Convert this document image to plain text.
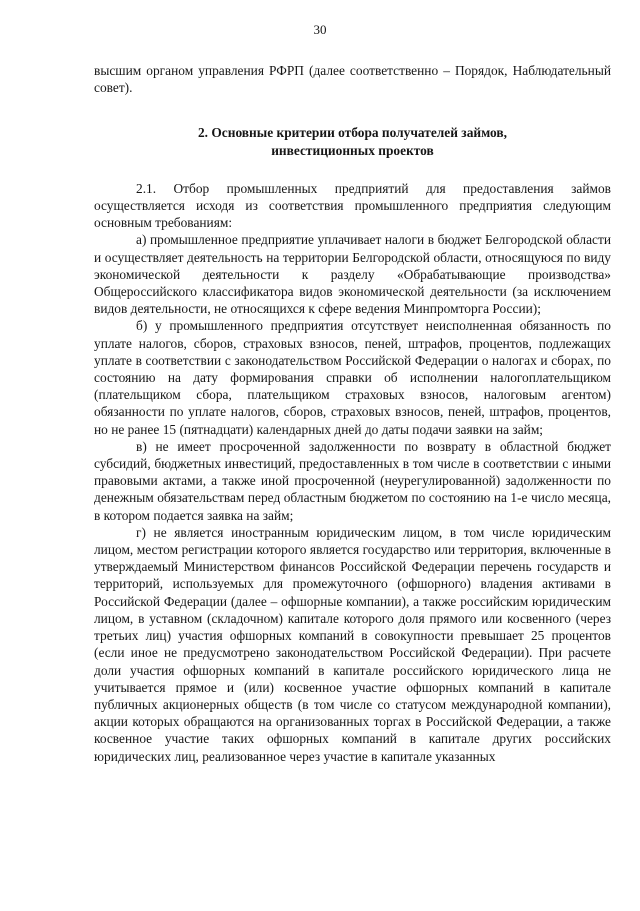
30

высшим органом управления РФРП (далее соответственно – Порядок, Наблюдательный совет).

2. Основные критерии отбора получателей займов,
инвестиционных проектов

2.1. Отбор промышленных предприятий для предоставления займов осуществляется исходя из соответствия промышленного предприятия следующим основным требованиям:

а) промышленное предприятие уплачивает налоги в бюджет Белгородской области и осуществляет деятельность на территории Белгородской области, относящуюся по виду экономической деятельности к разделу «Обрабатывающие производства» Общероссийского классификатора видов экономической деятельности (за исключением видов деятельности, не относящихся к сфере ведения Минпромторга России);

б) у промышленного предприятия отсутствует неисполненная обязанность по уплате налогов, сборов, страховых взносов, пеней, штрафов, процентов, подлежащих уплате в соответствии с законодательством Российской Федерации о налогах и сборах, по состоянию на дату формирования справки об исполнении налогоплательщиком (плательщиком сбора, плательщиком страховых взносов, налоговым агентом) обязанности по уплате налогов, сборов, страховых взносов, пеней, штрафов, процентов, но не ранее 15 (пятнадцати) календарных дней до даты подачи заявки на займ;

в) не имеет просроченной задолженности по возврату в областной бюджет субсидий, бюджетных инвестиций, предоставленных в том числе в соответствии с иными правовыми актами, а также иной просроченной (неурегулированной) задолженности по денежным обязательствам перед областным бюджетом по состоянию на 1-е число месяца, в котором подается заявка на займ;

г) не является иностранным юридическим лицом, в том числе юридическим лицом, местом регистрации которого является государство или территория, включенные в утверждаемый Министерством финансов Российской Федерации перечень государств и территорий, используемых для промежуточного (офшорного) владения активами в Российской Федерации (далее – офшорные компании), а также российским юридическим лицом, в уставном (складочном) капитале которого доля прямого или косвенного (через третьих лиц) участия офшорных компаний в совокупности превышает 25 процентов (если иное не предусмотрено законодательством Российской Федерации). При расчете доли участия офшорных компаний в капитале российского юридического лица не учитывается прямое и (или) косвенное участие офшорных компаний в капитале публичных акционерных обществ (в том числе со статусом международной компании), акции которых обращаются на организованных торгах в Российской Федерации, а также косвенное участие таких офшорных компаний в капитале других российских юридических лиц, реализованное через участие в капитале указанных
